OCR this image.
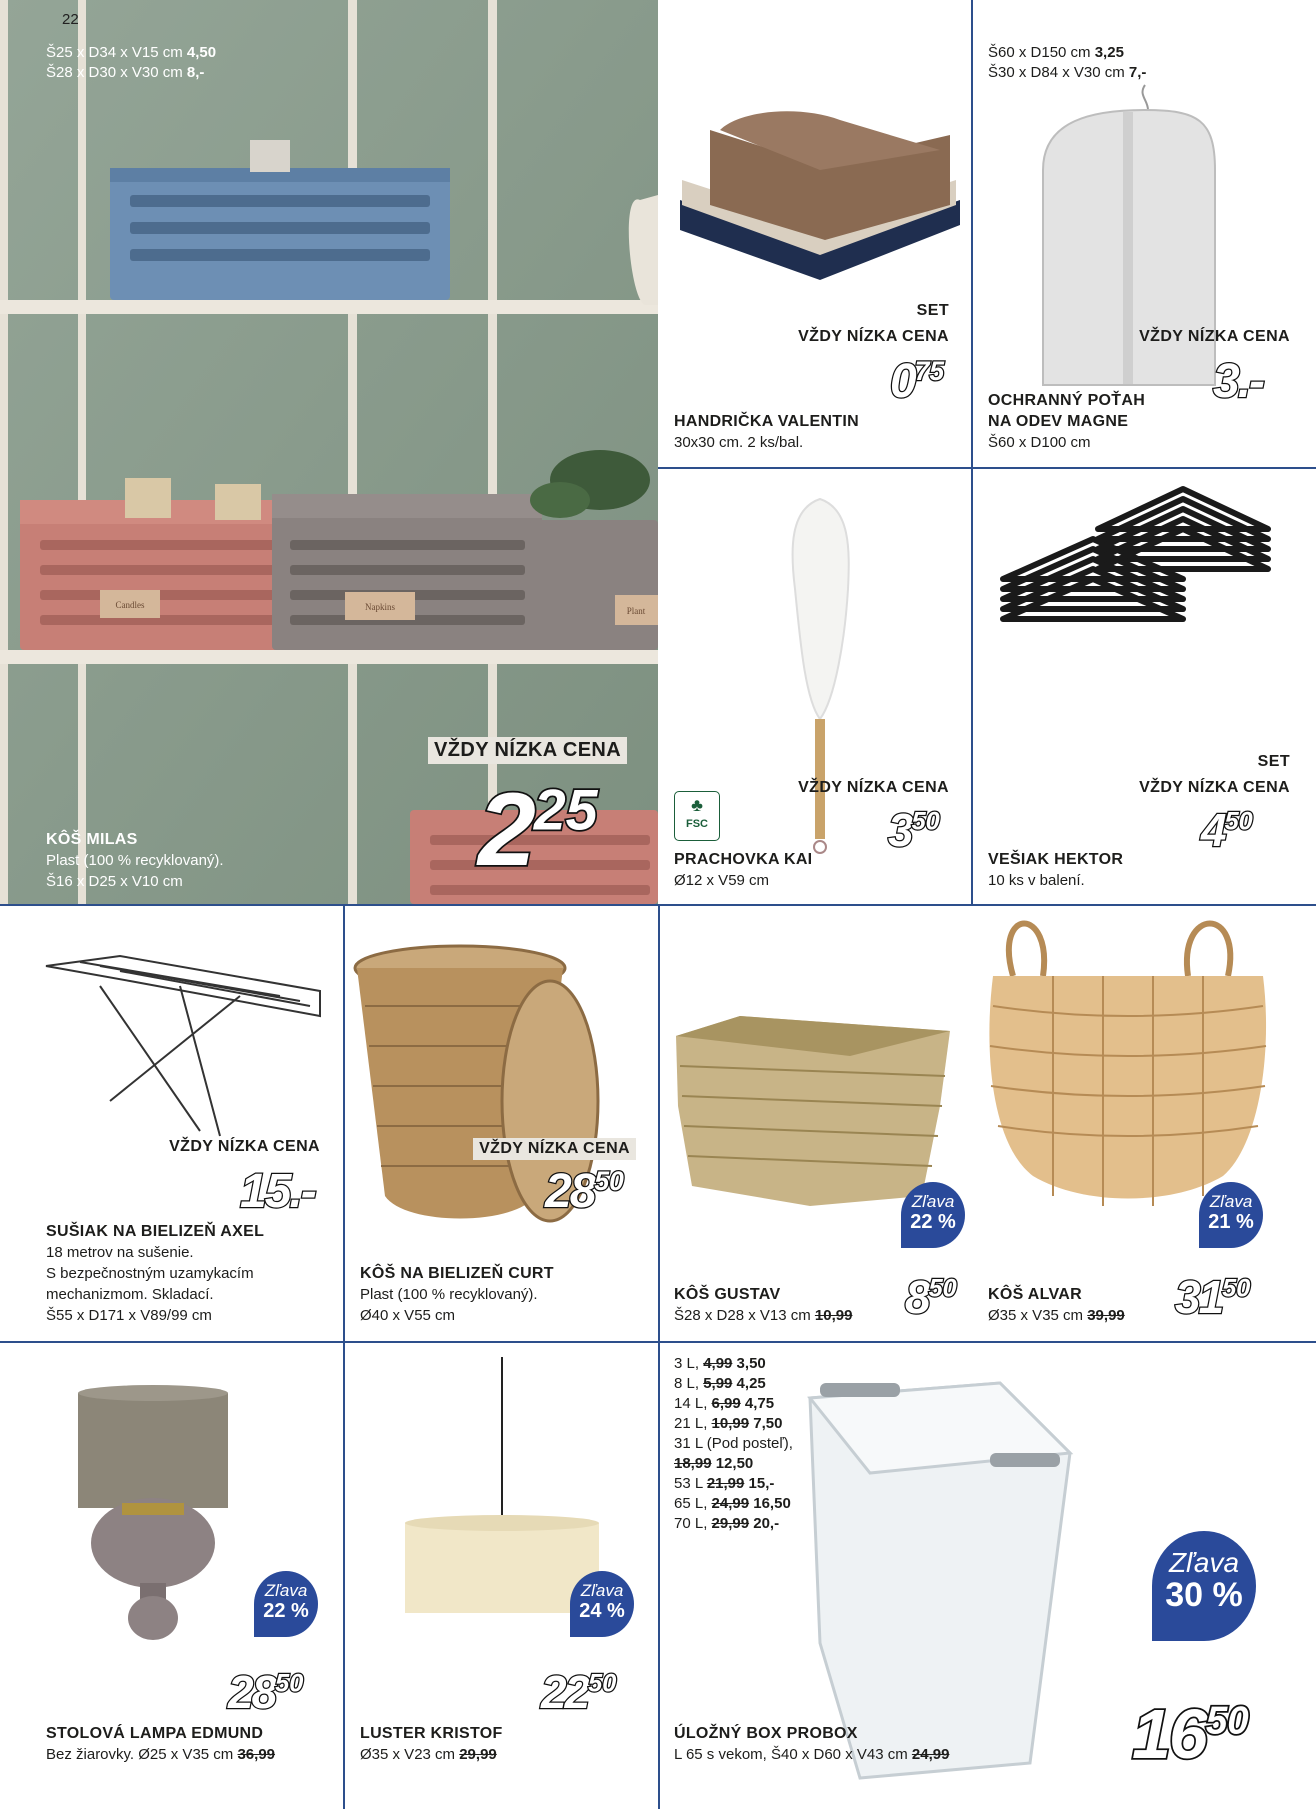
Candles	Napkins	Plant
22
Š25 x D34 x V15 cm 4,50
Š28 x D30 x V30 cm 8,-
VŽDY NÍZKA CENA
$2^{25}$
KÔŠ MILAS
Plast (100 % recyklovaný).
Š16 x D25 x V10 cm
SET
VŽDY NÍZKA CENA
$0^{75}$
HANDRIČKA VALENTIN
30x30 cm. 2 ks/bal.
Š60 x D150 cm 3,25
Š30 x D84 x V30 cm 7,-
VŽDY NÍZKA CENA
3.-
OCHRANNÝ POŤAH
NA ODEV MAGNE
Š60 x D100 cm
♣
FSC
VŽDY NÍZKA CENA
$3^{50}$
PRACHOVKA KAI
Ø12 x V59 cm
SET
VŽDY NÍZKA CENA
$4^{50}$
VEŠIAK HEKTOR
10 ks v balení.
VŽDY NÍZKA CENA
15.-
SUŠIAK NA BIELIZEŇ AXEL
18 metrov na sušenie.
S bezpečnostným uzamykacím
mechanizmom. Skladací.
Š55 x D171 x V89/99 cm
VŽDY NÍZKA CENA
$28^{50}$
KÔŠ NA BIELIZEŇ CURT
Plast (100 % recyklovaný).
Ø40 x V55 cm
Zľava
22 %
$8^{50}$
KÔŠ GUSTAV
Š28 x D28 x V13 cm 10,99
Zľava
21 %
$31^{50}$
KÔŠ ALVAR
Ø35 x V35 cm 39,99
Zľava
22 %
$28^{50}$
STOLOVÁ LAMPA EDMUND
Bez žiarovky. Ø25 x V35 cm 36,99
Zľava
24 %
$22^{50}$
LUSTER KRISTOF
Ø35 x V23 cm 29,99
3 L, 4,99 3,50
8 L, 5,99 4,25
14 L, 6,99 4,75
21 L, 10,99 7,50
31 L (Pod posteľ),
18,99 12,50
53 L 21,99 15,-
65 L, 24,99 16,50
70 L, 29,99 20,-
Zľava
30 %
$16^{50}$
ÚLOŽNÝ BOX PROBOX
L 65 s vekom, Š40 x D60 x V43 cm 24,99
